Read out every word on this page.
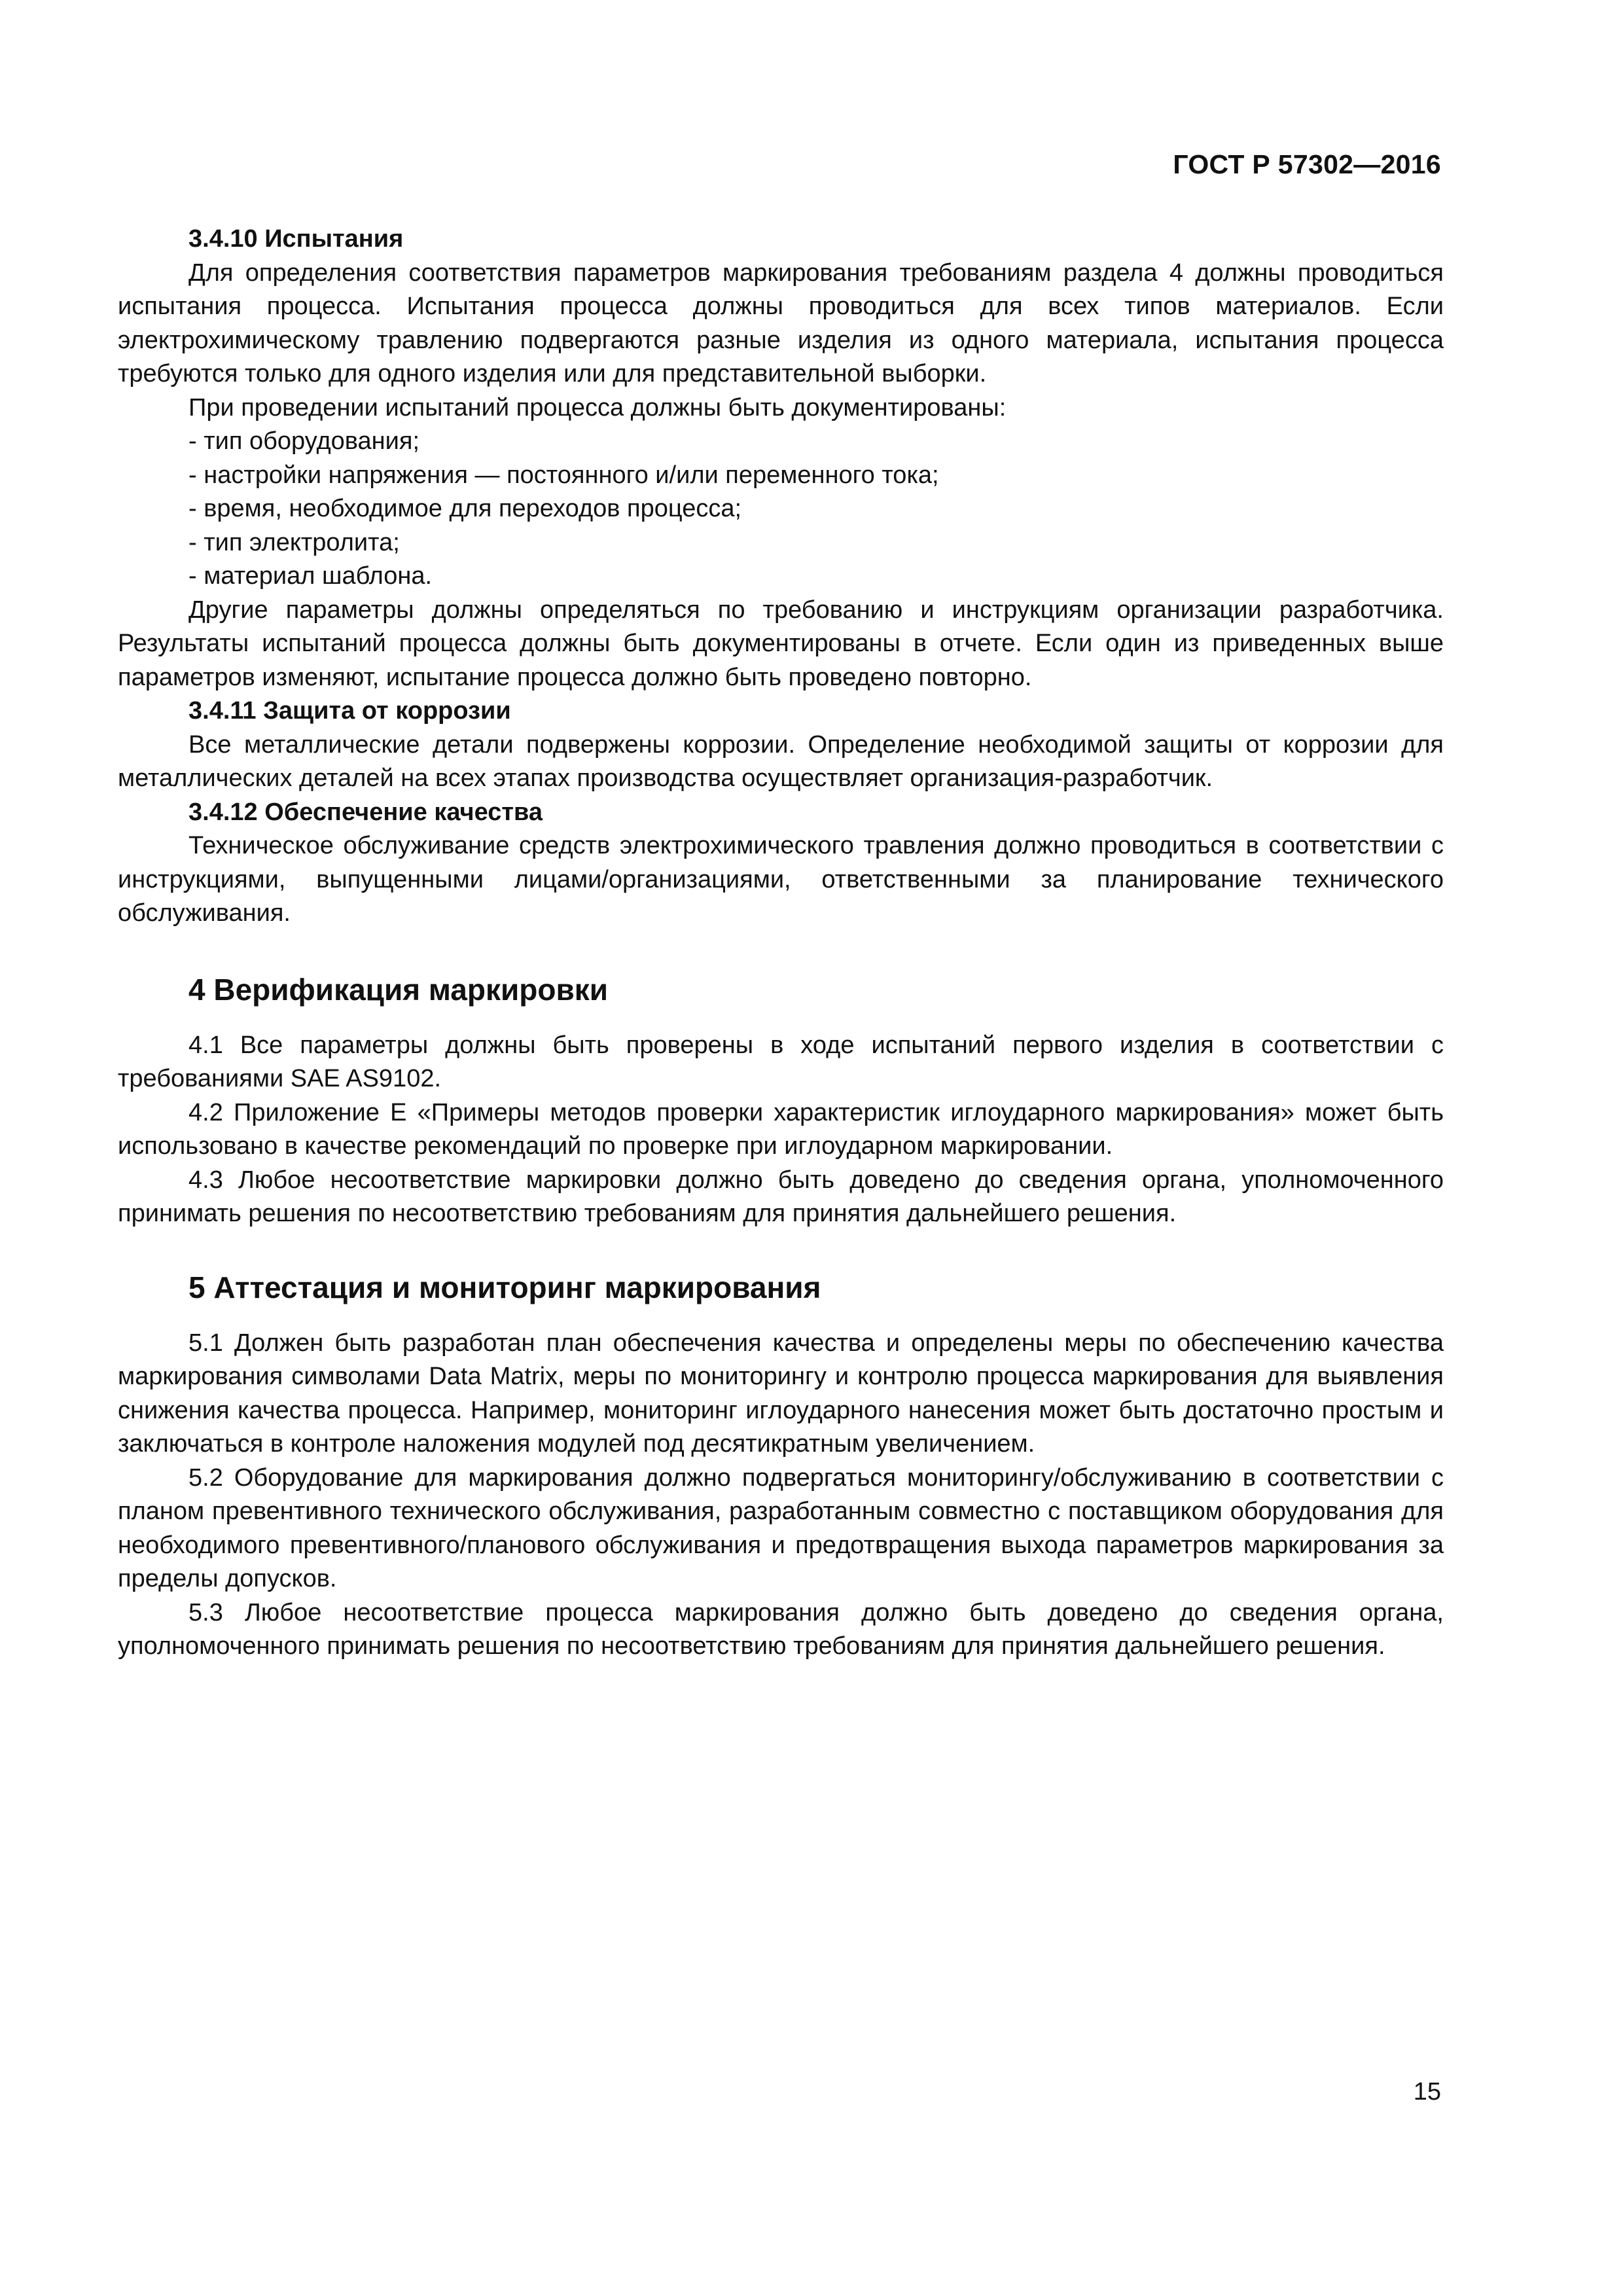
ГОСТ Р 57302—2016

3.4.10 Испытания

Для определения соответствия параметров маркирования требованиям раздела 4 должны проводиться испытания процесса. Испытания процесса должны проводиться для всех типов материалов. Если электрохимическому травлению подвергаются разные изделия из одного материала, испытания процесса требуются только для одного изделия или для представительной выборки.

При проведении испытаний процесса должны быть документированы:

- тип оборудования;
- настройки напряжения — постоянного и/или переменного тока;
- время, необходимое для переходов процесса;
- тип электролита;
- материал шаблона.

Другие параметры должны определяться по требованию и инструкциям организации разработчика. Результаты испытаний процесса должны быть документированы в отчете. Если один из приведенных выше параметров изменяют, испытание процесса должно быть проведено повторно.

3.4.11 Защита от коррозии

Все металлические детали подвержены коррозии. Определение необходимой защиты от коррозии для металлических деталей на всех этапах производства осуществляет организация-разработчик.

3.4.12 Обеспечение качества

Техническое обслуживание средств электрохимического травления должно проводиться в соответствии с инструкциями, выпущенными лицами/организациями, ответственными за планирование технического обслуживания.

4 Верификация маркировки

4.1 Все параметры должны быть проверены в ходе испытаний первого изделия в соответствии с требованиями SAE AS9102.

4.2 Приложение Е «Примеры методов проверки характеристик иглоударного маркирования» может быть использовано в качестве рекомендаций по проверке при иглоударном маркировании.

4.3 Любое несоответствие маркировки должно быть доведено до сведения органа, уполномоченного принимать решения по несоответствию требованиям для принятия дальнейшего решения.

5 Аттестация и мониторинг маркирования

5.1 Должен быть разработан план обеспечения качества и определены меры по обеспечению качества маркирования символами Data Matrix, меры по мониторингу и контролю процесса маркирования для выявления снижения качества процесса. Например, мониторинг иглоударного нанесения может быть достаточно простым и заключаться в контроле наложения модулей под десятикратным увеличением.

5.2 Оборудование для маркирования должно подвергаться мониторингу/обслуживанию в соответствии с планом превентивного технического обслуживания, разработанным совместно с поставщиком оборудования для необходимого превентивного/планового обслуживания и предотвращения выхода параметров маркирования за пределы допусков.

5.3 Любое несоответствие процесса маркирования должно быть доведено до сведения органа, уполномоченного принимать решения по несоответствию требованиям для принятия дальнейшего решения.

15
